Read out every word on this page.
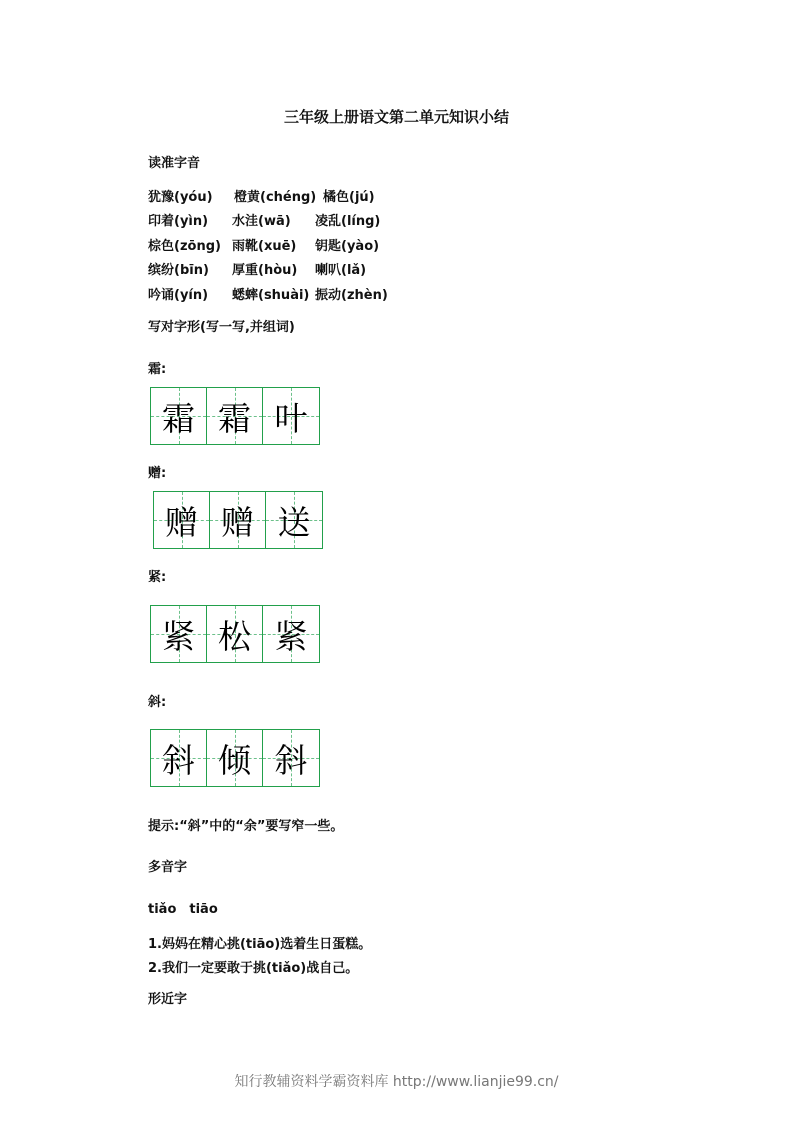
三年级上册语文第二单元知识小结
读准字音
犹豫(yóu) 橙黄(chéng) 橘色(jú)
印着(yìn) 水洼(wā) 凌乱(líng)
棕色(zōng) 雨靴(xuē) 钥匙(yào)
缤纷(bīn) 厚重(hòu) 喇叭(lǎ)
吟诵(yín) 蟋蟀(shuài) 振动(zhèn)
写对字形(写一写,并组词)
霜:
霜 霜 叶
赠:
赠 赠 送
紧:
紧 松 紧
斜:
斜 倾 斜
提示:“斜”中的“余”要写窄一些。
多音字
tiǎo　tiāo
1.妈妈在精心挑(tiāo)选着生日蛋糕。
2.我们一定要敢于挑(tiǎo)战自己。
形近字
知行教辅资料学霸资料库 http://www.lianjie99.cn/
